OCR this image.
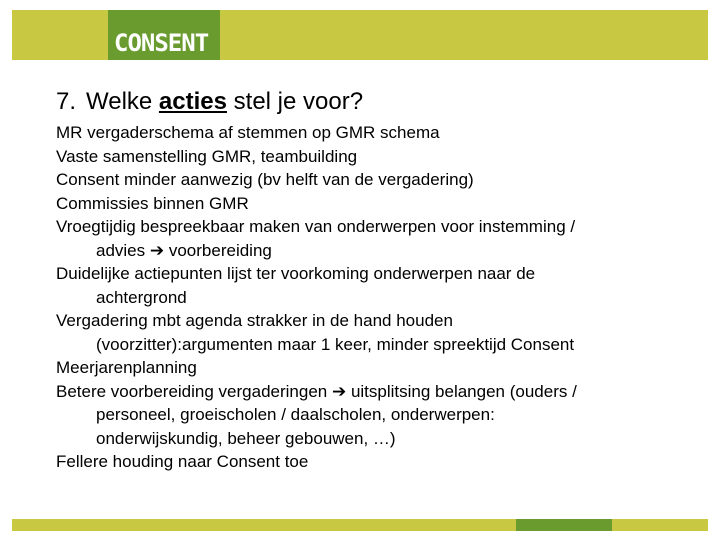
CONSENT
7. Welke acties stel je voor?
MR vergaderschema af stemmen op GMR schema
Vaste samenstelling GMR, teambuilding
Consent minder aanwezig (bv helft van de vergadering)
Commissies binnen GMR
Vroegtijdig bespreekbaar maken van onderwerpen voor instemming /
advies ➔ voorbereiding
Duidelijke actiepunten lijst ter voorkoming onderwerpen naar de
achtergrond
Vergadering mbt agenda strakker in de hand houden
(voorzitter):argumenten maar 1 keer, minder spreektijd Consent
Meerjarenplanning
Betere voorbereiding vergaderingen ➔ uitsplitsing belangen (ouders /
personeel, groeischolen / daalscholen, onderwerpen:
onderwijskundig, beheer gebouwen, …)
Fellere houding naar Consent toe
